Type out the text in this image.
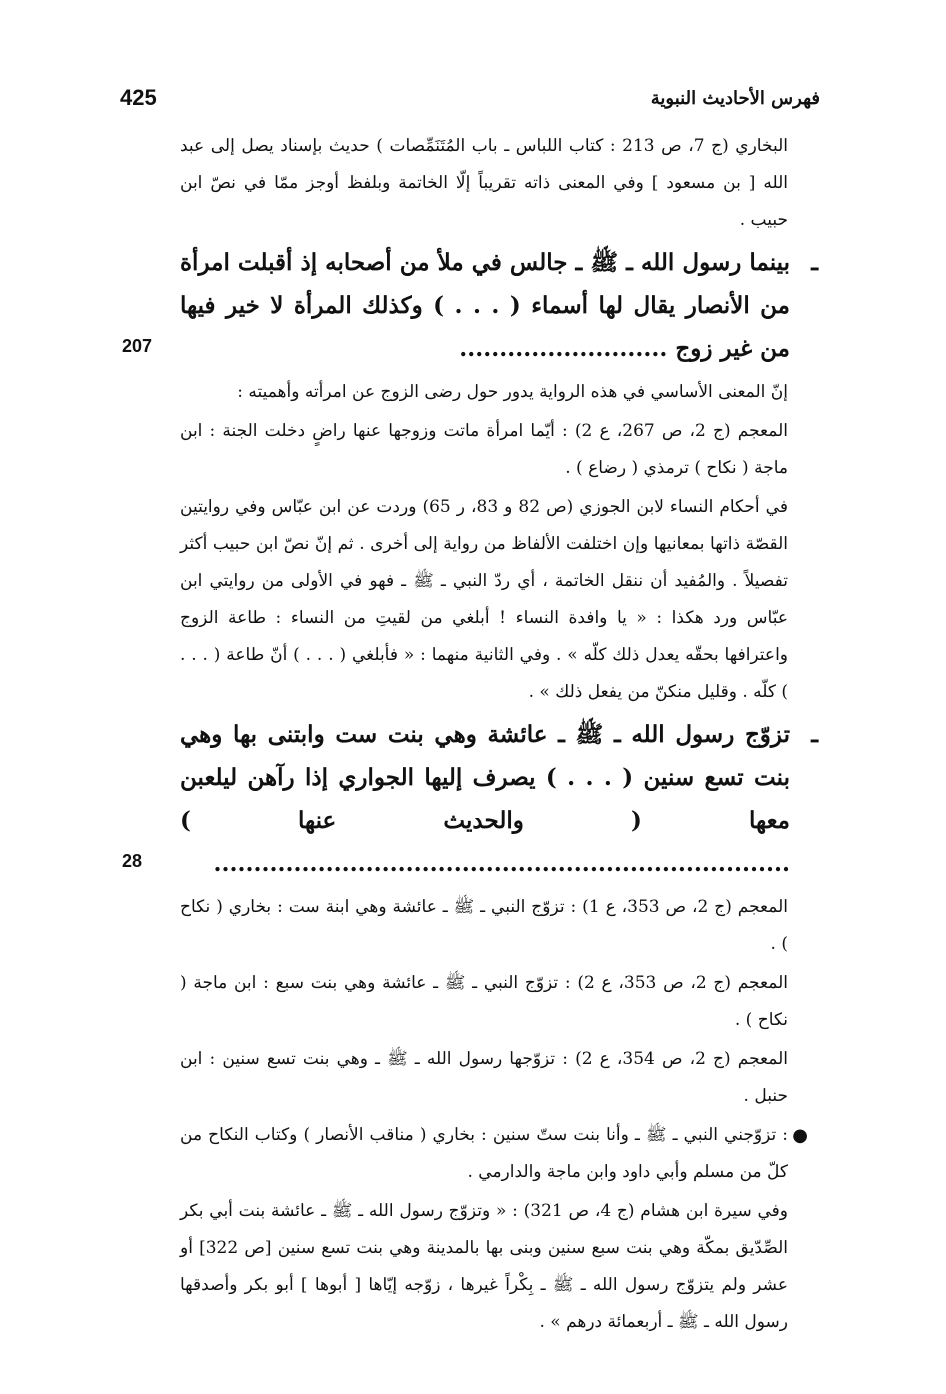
425	فهرس الأحاديث النبوية

البخاري (ج 7، ص 213 : كتاب اللباس ـ باب المُتَنَمِّصات ) حديث بإسناد يصل إلى عبد الله [ بن مسعود ] وفي المعنى ذاته تقريباً إلّا الخاتمة وبلفظ أوجز ممّا في نصّ ابن حبيب .

ـ
بينما رسول الله ـ ﷺ ـ جالس في ملأ من أصحابه إذ أقبلت امرأة من الأنصار يقال لها أسماء ( . . . ) وكذلك المرأة لا خير فيها من غير زوج ..........................
207

إنّ المعنى الأساسي في هذه الرواية يدور حول رضى الزوج عن امرأته وأهميته :

المعجم (ج 2، ص 267، ع 2) : أيّما امرأة ماتت وزوجها عنها راضٍ دخلت الجنة : ابن ماجة ( نكاح ) ترمذي ( رضاع ) .

في أحكام النساء لابن الجوزي (ص 82 و 83، ر 65) وردت عن ابن عبّاس وفي روايتين القصّة ذاتها بمعانيها وإن اختلفت الألفاظ من رواية إلى أخرى . ثم إنّ نصّ ابن حبيب أكثر تفصيلاً . والمُفيد أن ننقل الخاتمة ، أي ردّ النبي ـ ﷺ ـ فهو في الأولى من روايتي ابن عبّاس ورد هكذا : « يا وافدة النساء ! أبلغي من لقيتِ من النساء : طاعة الزوج واعترافها بحقّه يعدل ذلك كلّه » . وفي الثانية منهما : « فأبلغي ( . . . ) أنّ طاعة ( . . . ) كلّه . وقليل منكنّ من يفعل ذلك » .

ـ
تزوّج رسول الله ـ ﷺ ـ عائشة وهي بنت ست وابتنى بها وهي بنت تسع سنين ( . . . ) يصرف إليها الجواري إذا رآهن ليلعبن معها ( والحديث عنها ) ........................................................................
28

المعجم (ج 2، ص 353، ع 1) : تزوّج النبي ـ ﷺ ـ عائشة وهي ابنة ست : بخاري ( نكاح ) .

المعجم (ج 2، ص 353، ع 2) : تزوّج النبي ـ ﷺ ـ عائشة وهي بنت سبع : ابن ماجة ( نكاح ) .

المعجم (ج 2، ص 354، ع 2) : تزوّجها رسول الله ـ ﷺ ـ وهي بنت تسع سنين : ابن حنبل .

●
: تزوّجني النبي ـ ﷺ ـ وأنا بنت ستّ سنين : بخاري ( مناقب الأنصار ) وكتاب النكاح من كلّ من مسلم وأبي داود وابن ماجة والدارمي .

وفي سيرة ابن هشام (ج 4، ص 321) : « وتزوّج رسول الله ـ ﷺ ـ عائشة بنت أبي بكر الصِّدّيق بمكّة وهي بنت سبع سنين وبنى بها بالمدينة وهي بنت تسع سنين [ص 322] أو عشر ولم يتزوّج رسول الله ـ ﷺ ـ بِكْراً غيرها ، زوّجه إيّاها [ أبوها ] أبو بكر وأصدقها رسول الله ـ ﷺ ـ أربعمائة درهم » .
